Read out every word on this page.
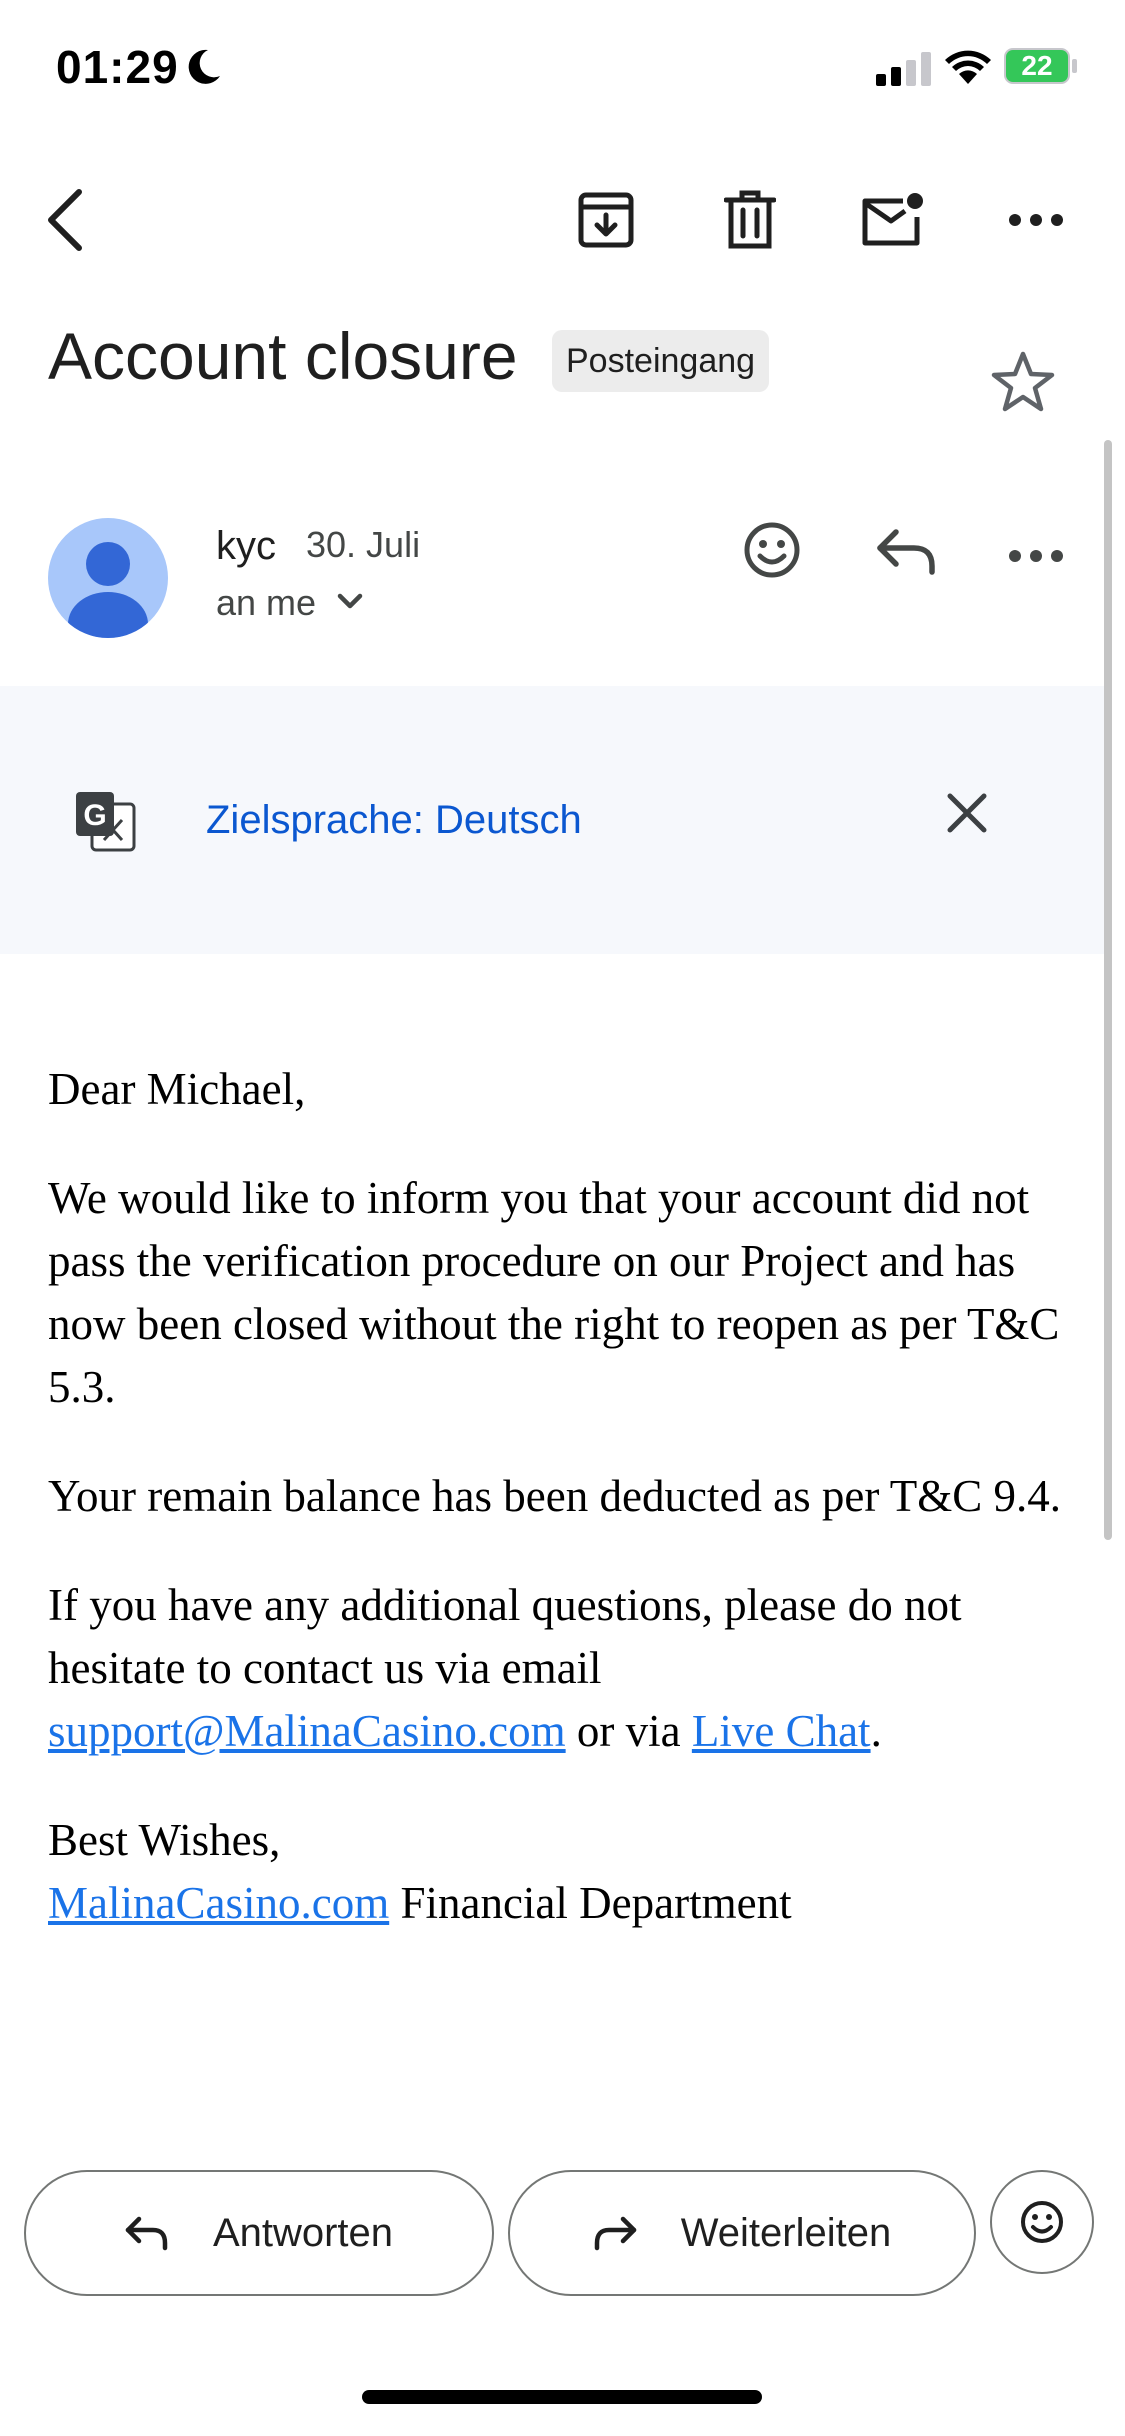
01:29	22
Account closure	Posteingang
kyc 30. Juli
an me
G Zielsprache: Deutsch

Dear Michael,

We would like to inform you that your account did not pass the verification procedure on our Project and has now been closed without the right to reopen as per T&C 5.3.

Your remain balance has been deducted as per T&C 9.4.

If you have any additional questions, please do not hesitate to contact us via email support@MalinaCasino.com or via Live Chat.

Best Wishes,
MalinaCasino.com Financial Department

Antworten	Weiterleiten
